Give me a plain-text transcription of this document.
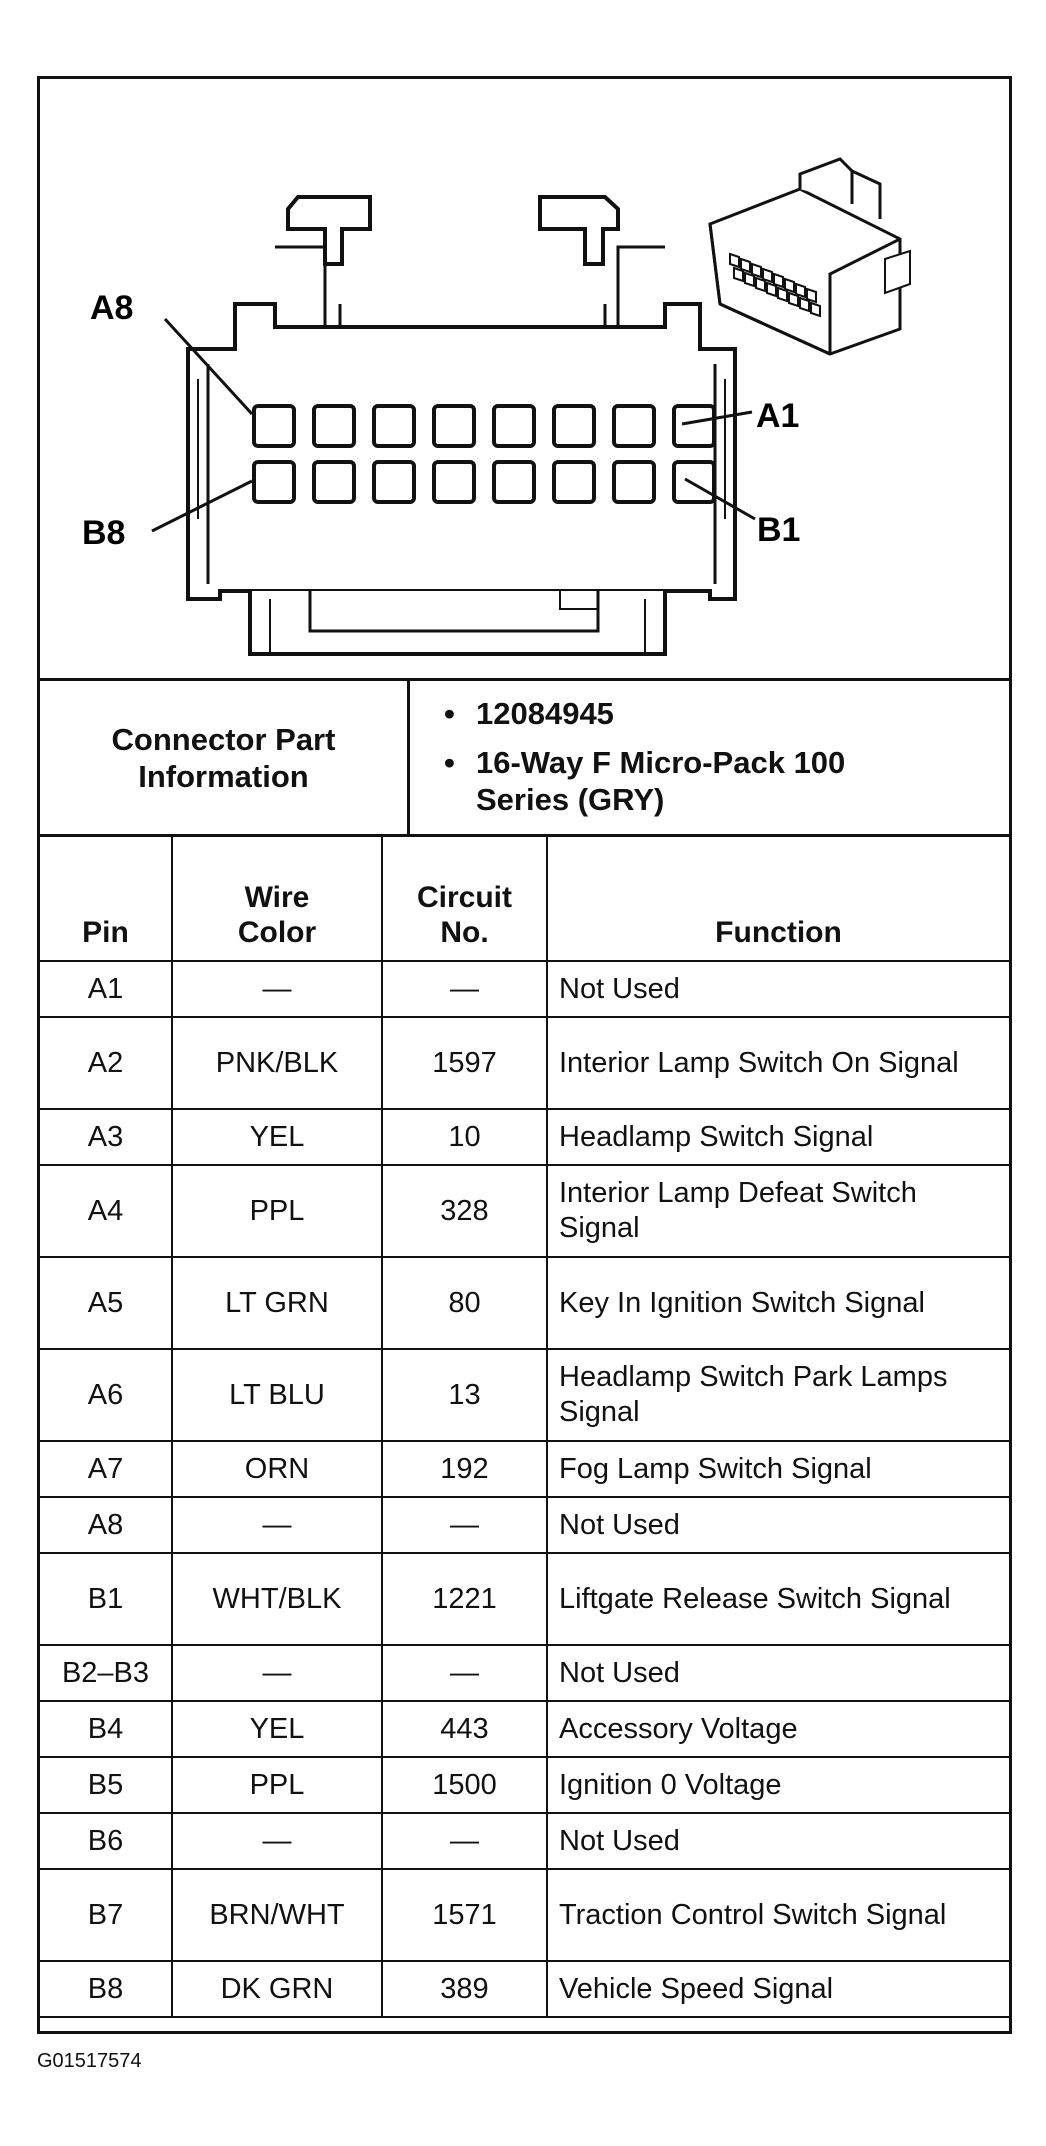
A8
A1
B8	B1
Connector Part Information
• 12084945
• 16-Way F Micro-Pack 100 Series (GRY)
Pin	Wire Color	Circuit No.	Function
A1	—	—	Not Used
A2	PNK/BLK	1597	Interior Lamp Switch On Signal
A3	YEL	10	Headlamp Switch Signal
A4	PPL	328	Interior Lamp Defeat Switch Signal
A5	LT GRN	80	Key In Ignition Switch Signal
A6	LT BLU	13	Headlamp Switch Park Lamps Signal
A7	ORN	192	Fog Lamp Switch Signal
A8	—	—	Not Used
B1	WHT/BLK	1221	Liftgate Release Switch Signal
B2–B3	—	—	Not Used
B4	YEL	443	Accessory Voltage
B5	PPL	1500	Ignition 0 Voltage
B6	—	—	Not Used
B7	BRN/WHT	1571	Traction Control Switch Signal
B8	DK GRN	389	Vehicle Speed Signal
G01517574
